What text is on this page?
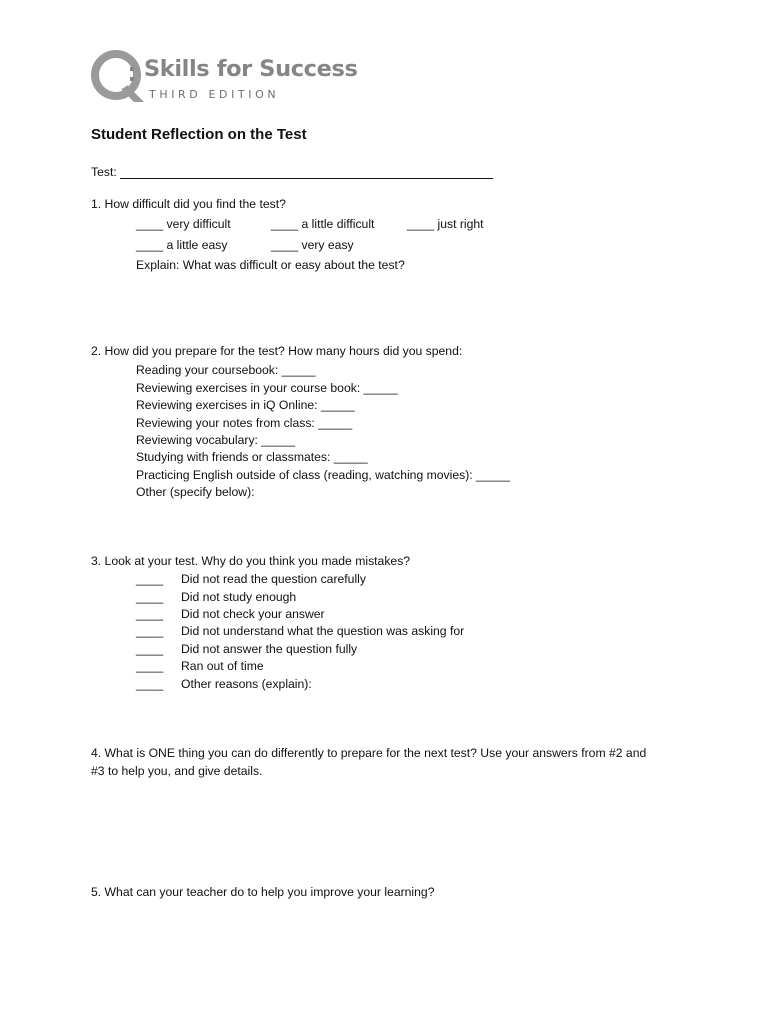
Skills for Success
THIRD EDITION
Student Reflection on the Test
Test:
1. How difficult did you find the test?
____ very difficult	____ a little difficult	____ just right
____ a little easy	____ very easy
Explain: What was difficult or easy about the test?
2. How did you prepare for the test? How many hours did you spend:
Reading your coursebook: _____
Reviewing exercises in your course book: _____
Reviewing exercises in iQ Online: _____
Reviewing your notes from class: _____
Reviewing vocabulary: _____
Studying with friends or classmates: _____
Practicing English outside of class (reading, watching movies): _____
Other (specify below):
3. Look at your test. Why do you think you made mistakes?
____ Did not read the question carefully
____ Did not study enough
____ Did not check your answer
____ Did not understand what the question was asking for
____ Did not answer the question fully
____ Ran out of time
____ Other reasons (explain):
4. What is ONE thing you can do differently to prepare for the next test? Use your answers from #2 and
#3 to help you, and give details.
5. What can your teacher do to help you improve your learning?
